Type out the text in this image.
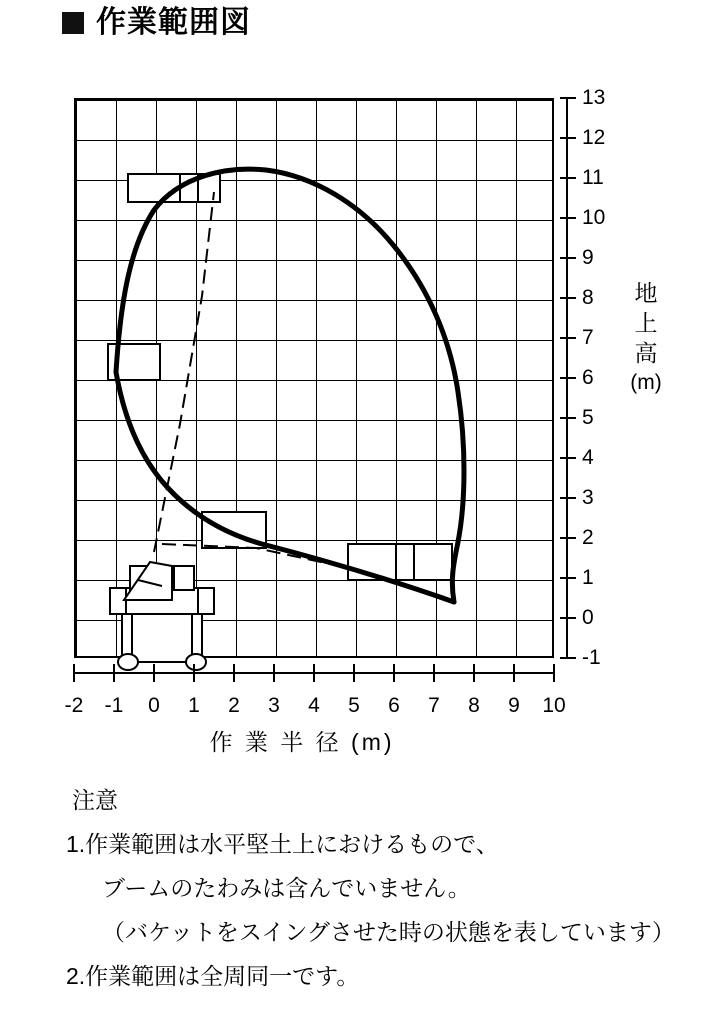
作業範囲図
13
12
11
10
9
8
7
6
5
4
3
2
1
0
-1
-2	-1	0	1	2	3	4	5	6	7	8	9	10
作 業 半 径 (m)
地
上
高
(m)
注意
1.作業範囲は水平堅土上におけるもので、
ブームのたわみは含んでいません。
（バケットをスイングさせた時の状態を表しています）
2.作業範囲は全周同一です。
